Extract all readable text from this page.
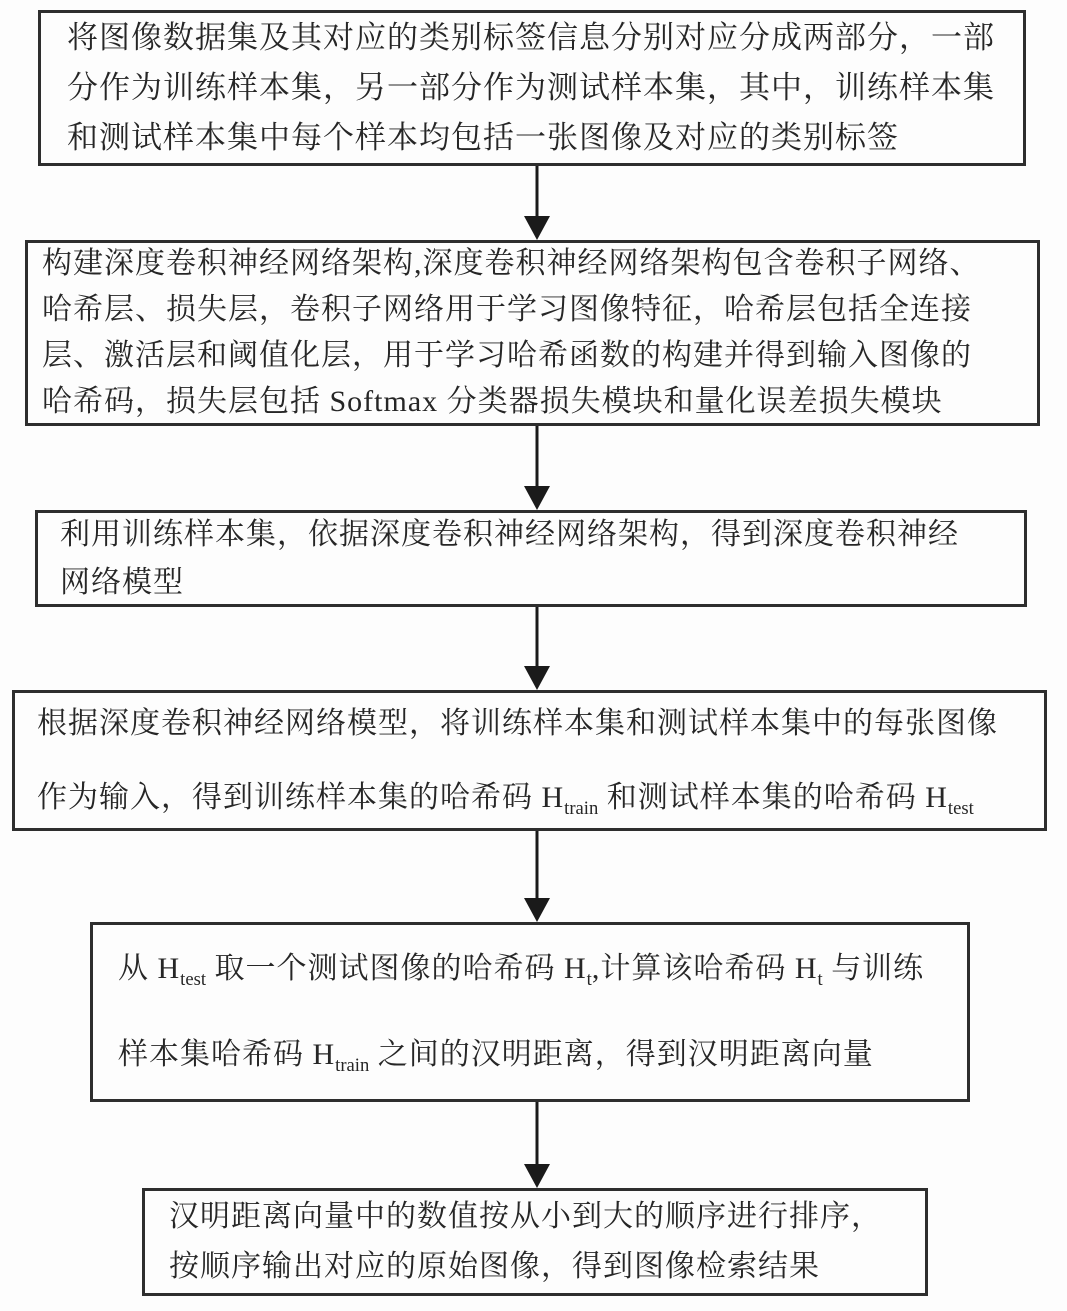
将图像数据集及其对应的类别标签信息分别对应分成两部分，一部
分作为训练样本集，另一部分作为测试样本集，其中，训练样本集
和测试样本集中每个样本均包括一张图像及对应的类别标签
构建深度卷积神经网络架构,深度卷积神经网络架构包含卷积子网络、
哈希层、损失层，卷积子网络用于学习图像特征，哈希层包括全连接
层、激活层和阈值化层，用于学习哈希函数的构建并得到输入图像的
哈希码，损失层包括 Softmax 分类器损失模块和量化误差损失模块
利用训练样本集，依据深度卷积神经网络架构，得到深度卷积神经
网络模型
根据深度卷积神经网络模型，将训练样本集和测试样本集中的每张图像
作为输入，得到训练样本集的哈希码 $H_{train}$ 和测试样本集的哈希码 $H_{test}$
从 $H_{test}$ 取一个测试图像的哈希码 $H_t$,计算该哈希码 $H_t$ 与训练
样本集哈希码 $H_{train}$ 之间的汉明距离，得到汉明距离向量
汉明距离向量中的数值按从小到大的顺序进行排序，
按顺序输出对应的原始图像，得到图像检索结果
